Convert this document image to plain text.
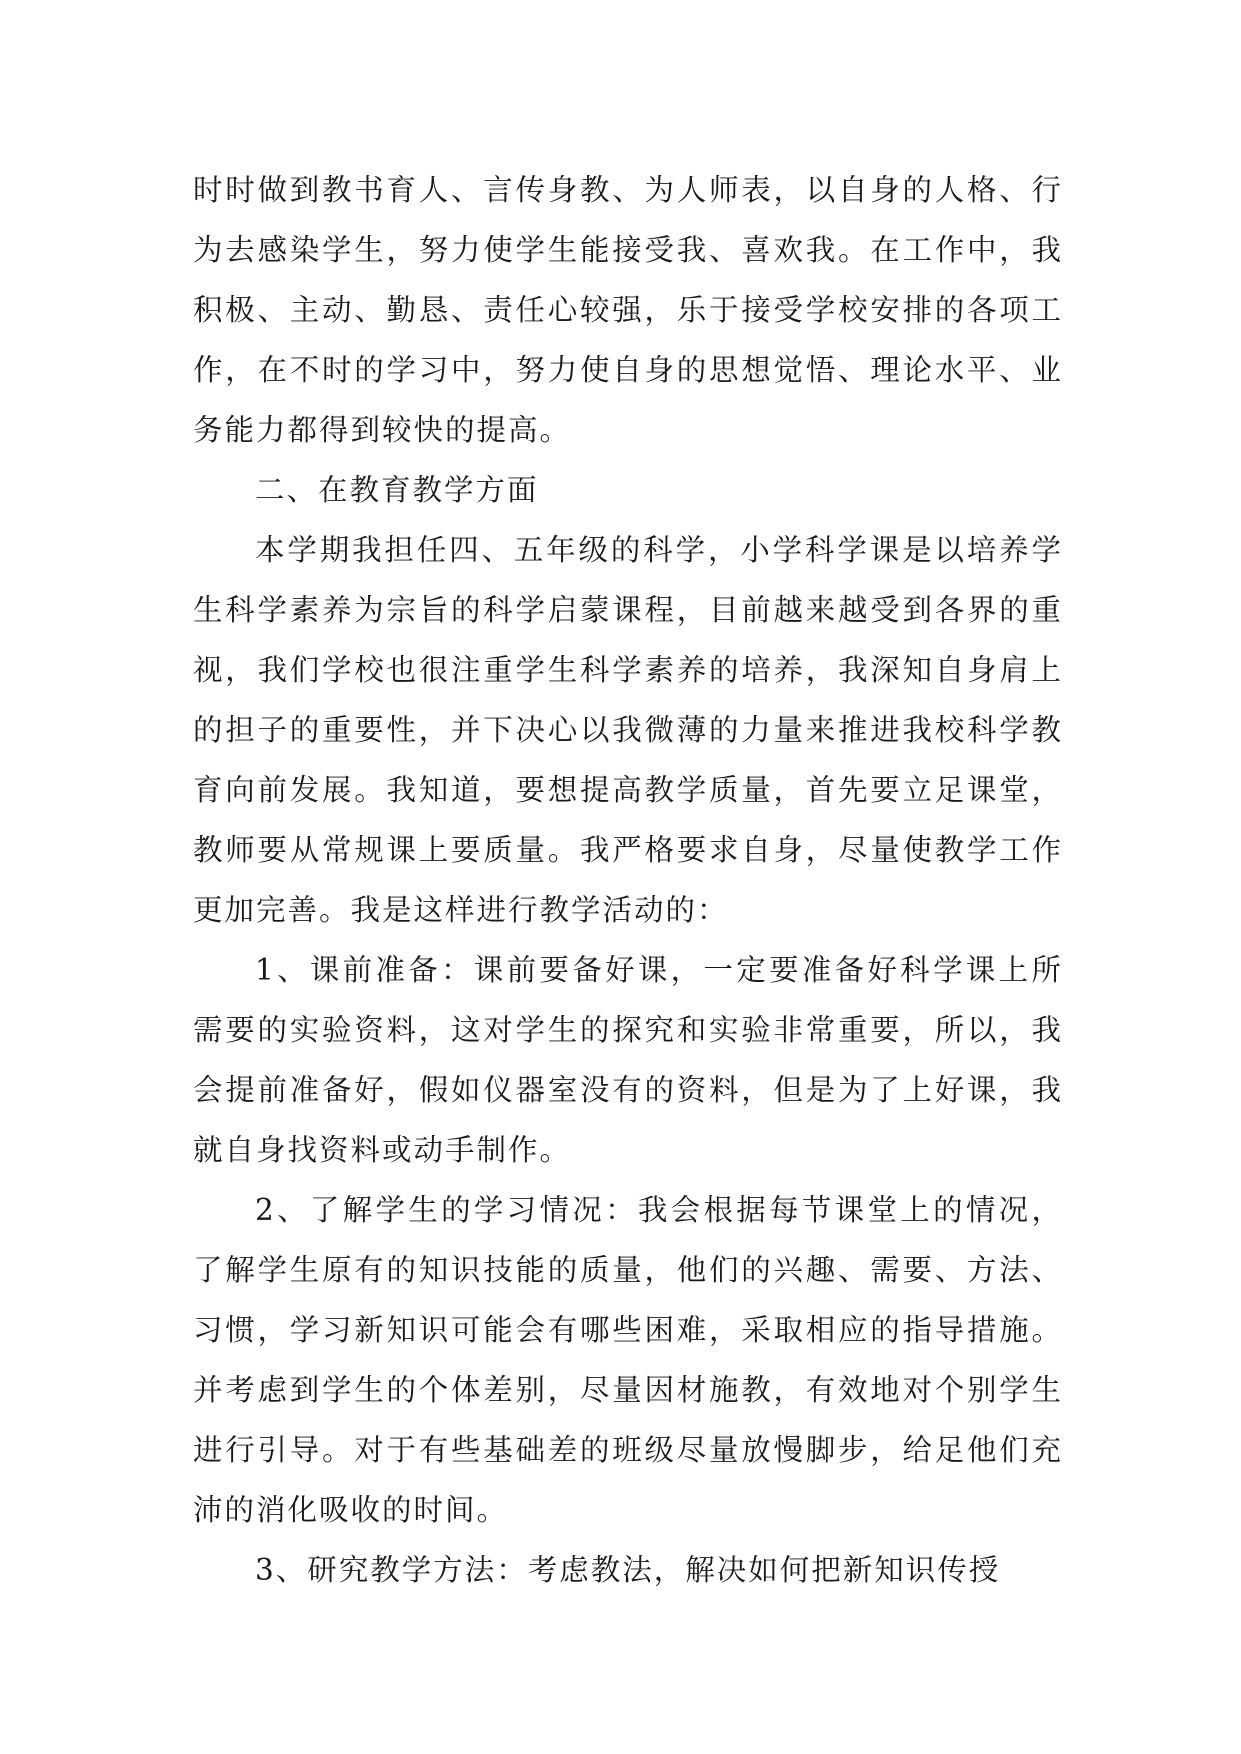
时时做到教书育人、言传身教、为人师表，以自身的人格、行为去感染学生，努力使学生能接受我、喜欢我。在工作中，我积极、主动、勤恳、责任心较强，乐于接受学校安排的各项工作，在不时的学习中，努力使自身的思想觉悟、理论水平、业务能力都得到较快的提高。

二、在教育教学方面

本学期我担任四、五年级的科学，小学科学课是以培养学生科学素养为宗旨的科学启蒙课程，目前越来越受到各界的重视，我们学校也很注重学生科学素养的培养，我深知自身肩上的担子的重要性，并下决心以我微薄的力量来推进我校科学教育向前发展。我知道，要想提高教学质量，首先要立足课堂，教师要从常规课上要质量。我严格要求自身，尽量使教学工作更加完善。我是这样进行教学活动的：

1、课前准备：课前要备好课，一定要准备好科学课上所需要的实验资料，这对学生的探究和实验非常重要，所以，我会提前准备好，假如仪器室没有的资料，但是为了上好课，我就自身找资料或动手制作。

2、了解学生的学习情况：我会根据每节课堂上的情况，了解学生原有的知识技能的质量，他们的兴趣、需要、方法、习惯，学习新知识可能会有哪些困难，采取相应的指导措施。并考虑到学生的个体差别，尽量因材施教，有效地对个别学生进行引导。对于有些基础差的班级尽量放慢脚步，给足他们充沛的消化吸收的时间。

3、研究教学方法：考虑教法，解决如何把新知识传授
